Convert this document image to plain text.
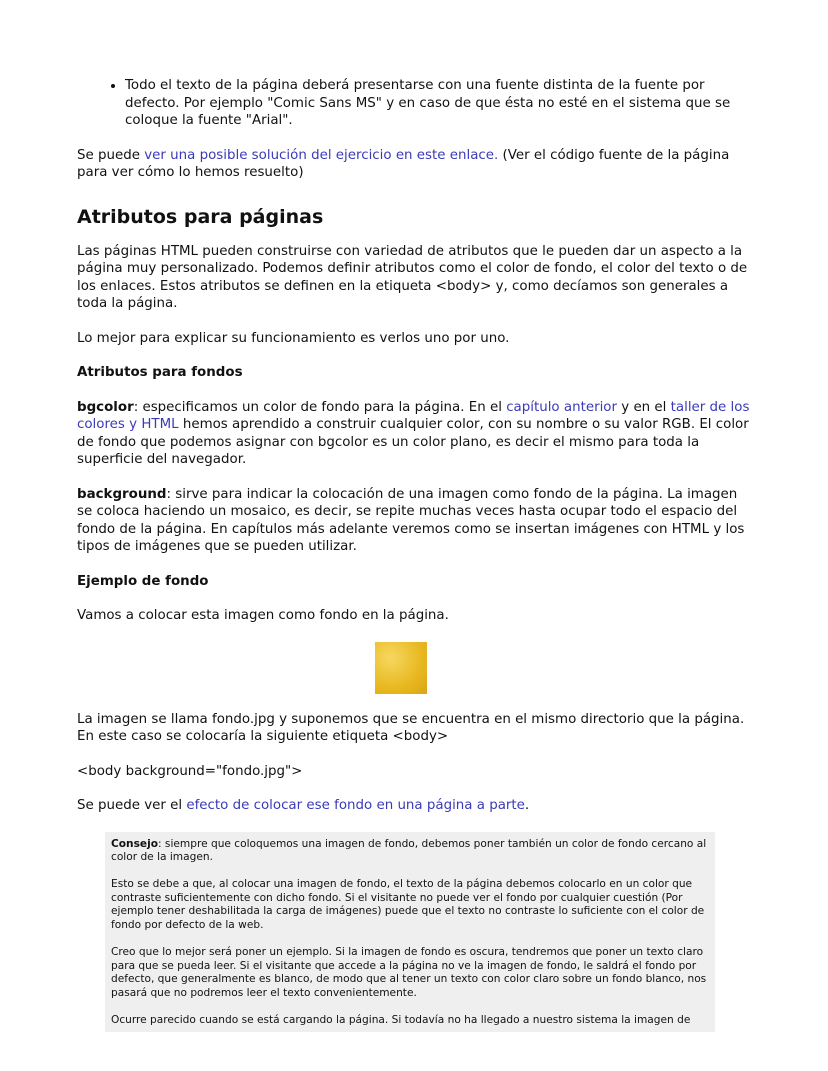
• Todo el texto de la página deberá presentarse con una fuente distinta de la fuente por defecto. Por ejemplo "Comic Sans MS" y en caso de que ésta no esté en el sistema que se coloque la fuente "Arial".

Se puede ver una posible solución del ejercicio en este enlace. (Ver el código fuente de la página para ver cómo lo hemos resuelto)

Atributos para páginas

Las páginas HTML pueden construirse con variedad de atributos que le pueden dar un aspecto a la página muy personalizado. Podemos definir atributos como el color de fondo, el color del texto o de los enlaces. Estos atributos se definen en la etiqueta <body> y, como decíamos son generales a toda la página.

Lo mejor para explicar su funcionamiento es verlos uno por uno.

Atributos para fondos

bgcolor: especificamos un color de fondo para la página. En el capítulo anterior y en el taller de los colores y HTML hemos aprendido a construir cualquier color, con su nombre o su valor RGB. El color de fondo que podemos asignar con bgcolor es un color plano, es decir el mismo para toda la superficie del navegador.

background: sirve para indicar la colocación de una imagen como fondo de la página. La imagen se coloca haciendo un mosaico, es decir, se repite muchas veces hasta ocupar todo el espacio del fondo de la página. En capítulos más adelante veremos como se insertan imágenes con HTML y los tipos de imágenes que se pueden utilizar.

Ejemplo de fondo

Vamos a colocar esta imagen como fondo en la página.

La imagen se llama fondo.jpg y suponemos que se encuentra en el mismo directorio que la página. En este caso se colocaría la siguiente etiqueta <body>

<body background="fondo.jpg">

Se puede ver el efecto de colocar ese fondo en una página a parte.

Consejo: siempre que coloquemos una imagen de fondo, debemos poner también un color de fondo cercano al color de la imagen.

Esto se debe a que, al colocar una imagen de fondo, el texto de la página debemos colocarlo en un color que contraste suficientemente con dicho fondo. Si el visitante no puede ver el fondo por cualquier cuestión (Por ejemplo tener deshabilitada la carga de imágenes) puede que el texto no contraste lo suficiente con el color de fondo por defecto de la web.

Creo que lo mejor será poner un ejemplo. Si la imagen de fondo es oscura, tendremos que poner un texto claro para que se pueda leer. Si el visitante que accede a la página no ve la imagen de fondo, le saldrá el fondo por defecto, que generalmente es blanco, de modo que al tener un texto con color claro sobre un fondo blanco, nos pasará que no podremos leer el texto convenientemente.

Ocurre parecido cuando se está cargando la página. Si todavía no ha llegado a nuestro sistema la imagen de
